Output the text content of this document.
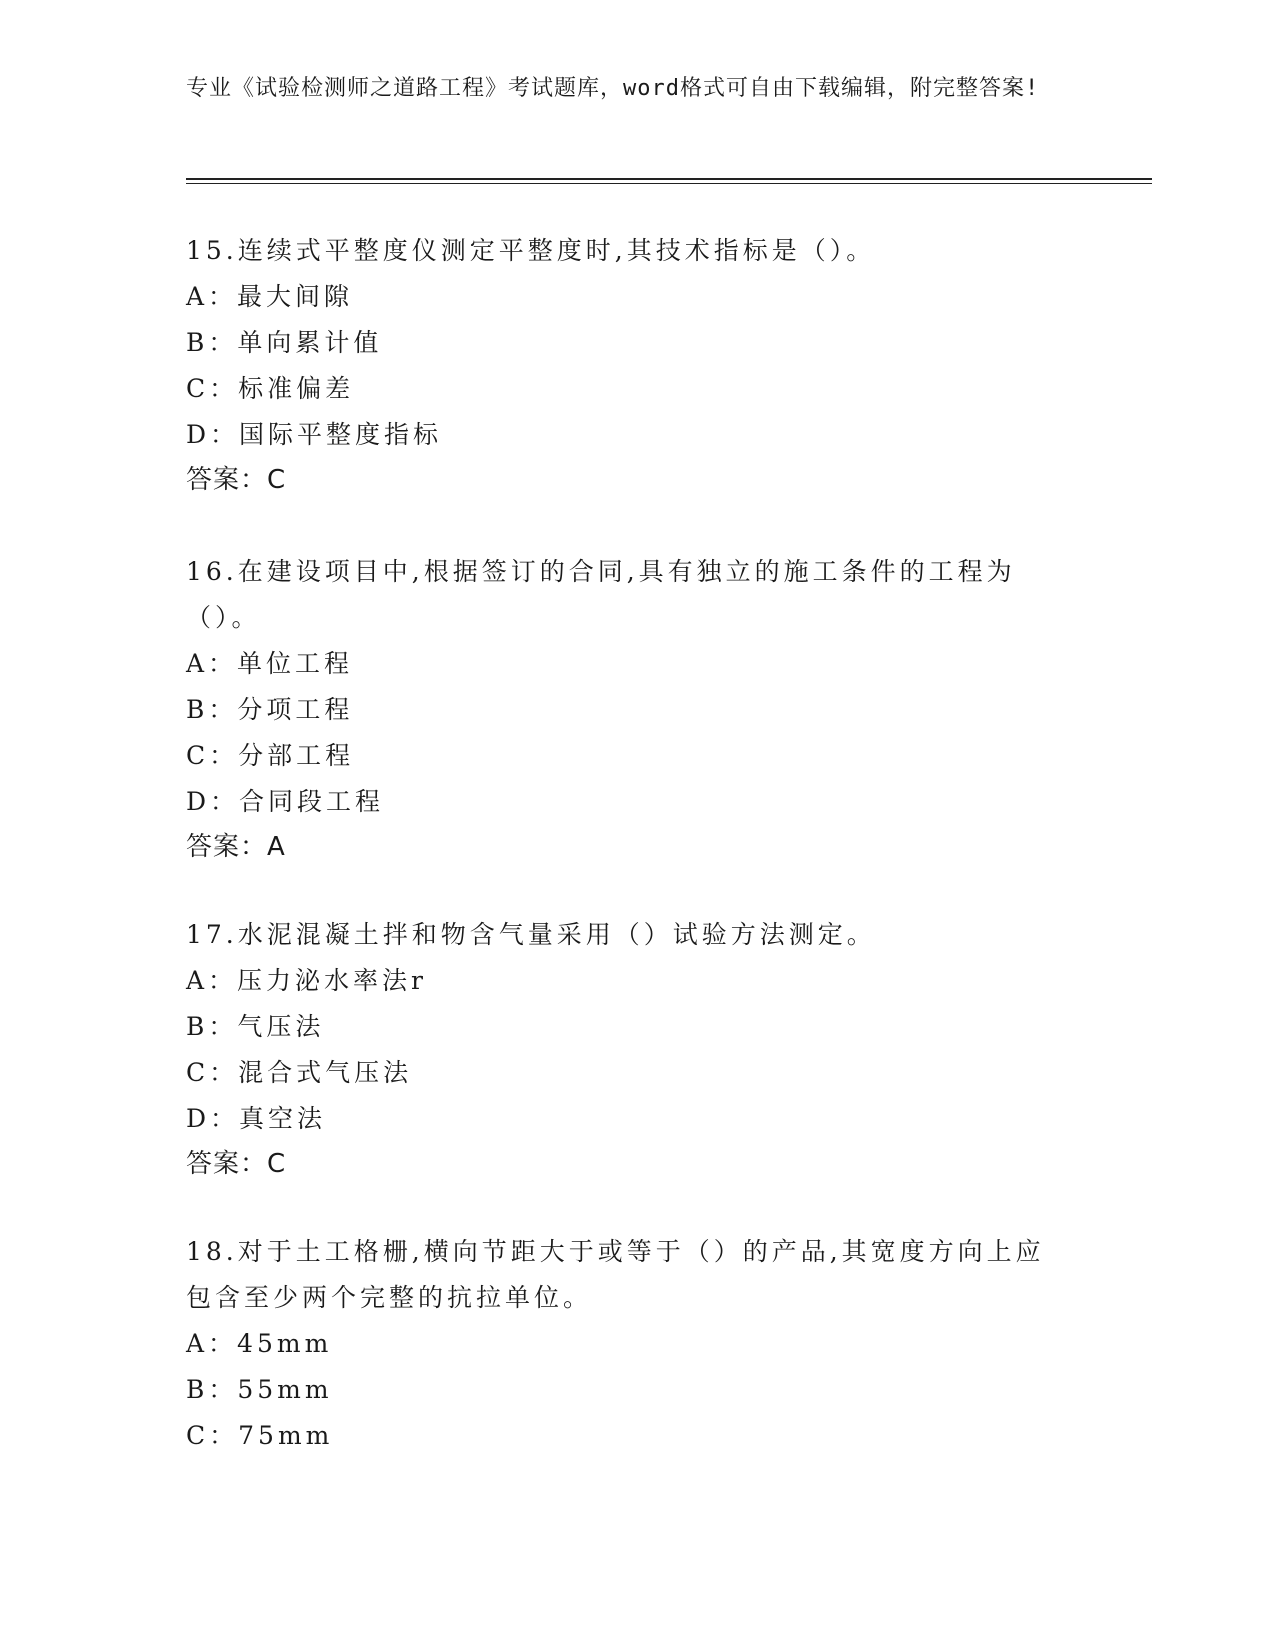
专业《试验检测师之道路工程》考试题库，word格式可自由下载编辑，附完整答案!

15.连续式平整度仪测定平整度时,其技术指标是（）。

A：最大间隙

B：单向累计值

C：标准偏差

D：国际平整度指标

答案：C

16.在建设项目中,根据签订的合同,具有独立的施工条件的工程为（）。

A：单位工程

B：分项工程

C：分部工程

D：合同段工程

答案：A

17.水泥混凝土拌和物含气量采用（）试验方法测定。

A：压力泌水率法r

B：气压法

C：混合式气压法

D：真空法

答案：C

18.对于土工格栅,横向节距大于或等于（）的产品,其宽度方向上应包含至少两个完整的抗拉单位。

A：45mm

B：55mm

C：75mm
